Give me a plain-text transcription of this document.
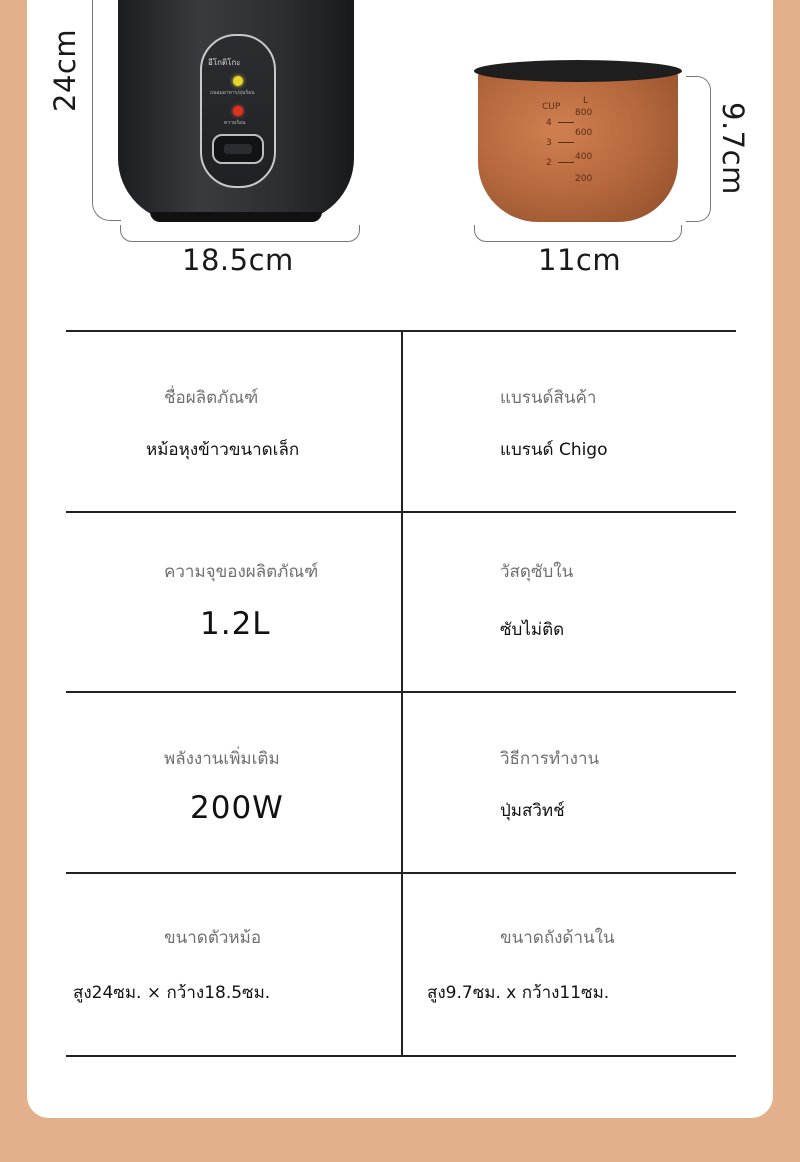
อีโกติโกะ
ถนอมอาหาร/อุ่นร้อน
ความร้อน
24cm
18.5cm
CUP
L
4
3
2
800
600
400
200	9.7cm
11cm
ชื่อผลิตภัณฑ์
หม้อหุงข้าวขนาดเล็ก
แบรนด์สินค้า
แบรนด์ Chigo
ความจุของผลิตภัณฑ์
1.2L
วัสดุซับใน
ซับไม่ติด
พลังงานเพิ่มเติม
200W
วิธีการทำงาน
ปุ่มสวิทช์
ขนาดตัวหม้อ
สูง24ซม. × กว้าง18.5ซม.
ขนาดถังด้านใน
สูง9.7ซม. x กว้าง11ซม.
